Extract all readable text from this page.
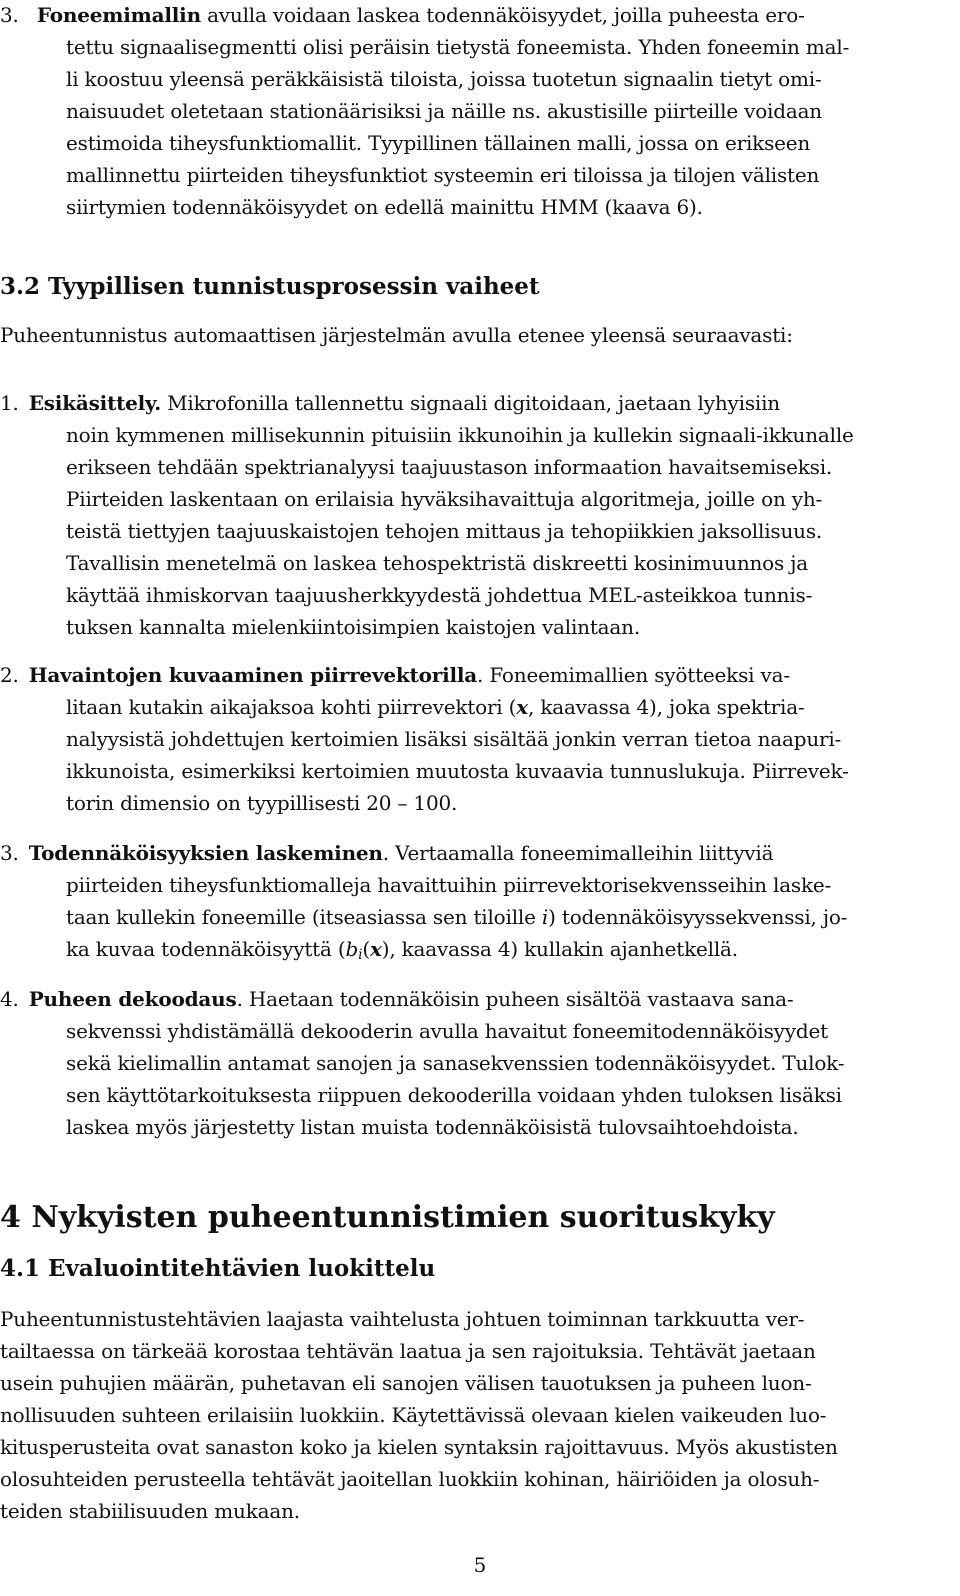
3. Foneemimallin avulla voidaan laskea todennäköisyydet, joilla puheesta ero-
tettu signaalisegmentti olisi peräisin tietystä foneemista. Yhden foneemin mal-
li koostuu yleensä peräkkäisistä tiloista, joissa tuotetun signaalin tietyt omi-
naisuudet oletetaan stationäärisiksi ja näille ns. akustisille piirteille voidaan
estimoida tiheysfunktiomallit. Tyypillinen tällainen malli, jossa on erikseen
mallinnettu piirteiden tiheysfunktiot systeemin eri tiloissa ja tilojen välisten
siirtymien todennäköisyydet on edellä mainittu HMM (kaava 6).
3.2 Tyypillisen tunnistusprosessin vaiheet
Puheentunnistus automaattisen järjestelmän avulla etenee yleensä seuraavasti:
1. Esikäsittely. Mikrofonilla tallennettu signaali digitoidaan, jaetaan lyhyisiin
noin kymmenen millisekunnin pituisiin ikkunoihin ja kullekin signaali-ikkunalle
erikseen tehdään spektrianalyysi taajuustason informaation havaitsemiseksi.
Piirteiden laskentaan on erilaisia hyväksihavaittuja algoritmeja, joille on yh-
teistä tiettyjen taajuuskaistojen tehojen mittaus ja tehopiikkien jaksollisuus.
Tavallisin menetelmä on laskea tehospektristä diskreetti kosinimuunnos ja
käyttää ihmiskorvan taajuusherkkyydestä johdettua MEL-asteikkoa tunnis-
tuksen kannalta mielenkiintoisimpien kaistojen valintaan.
2. Havaintojen kuvaaminen piirrevektorilla. Foneemimallien syötteeksi va-
litaan kutakin aikajaksoa kohti piirrevektori (x, kaavassa 4), joka spektria-
nalyysistä johdettujen kertoimien lisäksi sisältää jonkin verran tietoa naapuri-
ikkunoista, esimerkiksi kertoimien muutosta kuvaavia tunnuslukuja. Piirrevek-
torin dimensio on tyypillisesti 20 – 100.
3. Todennäköisyyksien laskeminen. Vertaamalla foneemimalleihin liittyviä
piirteiden tiheysfunktiomalleja havaittuihin piirrevektorisekvensseihin laske-
taan kullekin foneemille (itseasiassa sen tiloille i) todennäköisyyssekvenssi, jo-
ka kuvaa todennäköisyyttä ($b_i(x)$, kaavassa 4) kullakin ajanhetkellä.
4. Puheen dekoodaus. Haetaan todennäköisin puheen sisältöä vastaava sana-
sekvenssi yhdistämällä dekooderin avulla havaitut foneemitodennäköisyydet
sekä kielimallin antamat sanojen ja sanasekvenssien todennäköisyydet. Tulok-
sen käyttötarkoituksesta riippuen dekooderilla voidaan yhden tuloksen lisäksi
laskea myös järjestetty listan muista todennäköisistä tulovsaihtoehdoista.
4 Nykyisten puheentunnistimien suorituskyky
4.1 Evaluointitehtävien luokittelu
Puheentunnistustehtävien laajasta vaihtelusta johtuen toiminnan tarkkuutta ver-
tailtaessa on tärkeää korostaa tehtävän laatua ja sen rajoituksia. Tehtävät jaetaan
usein puhujien määrän, puhetavan eli sanojen välisen tauotuksen ja puheen luon-
nollisuuden suhteen erilaisiin luokkiin. Käytettävissä olevaan kielen vaikeuden luo-
kitusperusteita ovat sanaston koko ja kielen syntaksin rajoittavuus. Myös akustisten
olosuhteiden perusteella tehtävät jaoitellan luokkiin kohinan, häiriöiden ja olosuh-
teiden stabiilisuuden mukaan.
5
